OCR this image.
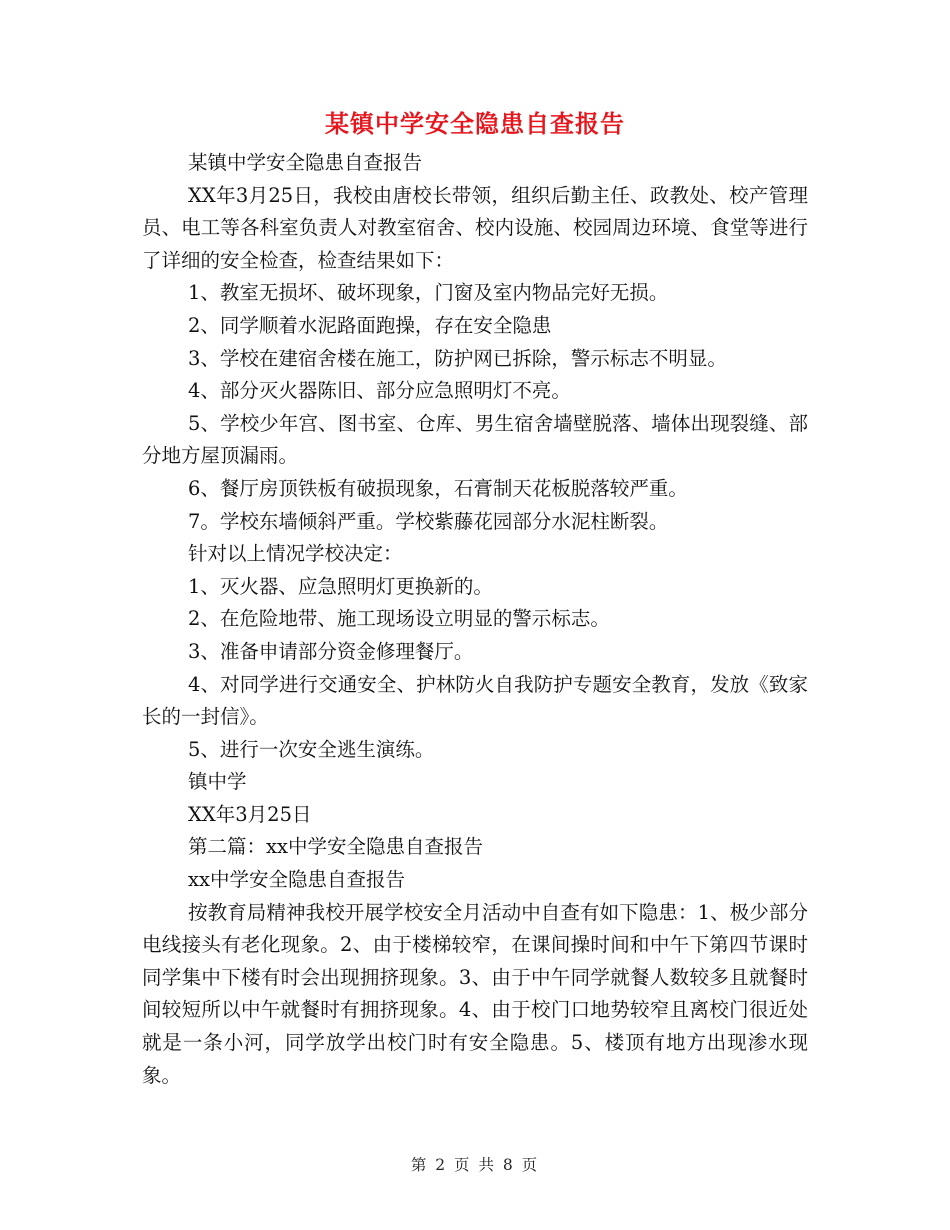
某镇中学安全隐患自查报告

某镇中学安全隐患自查报告

XX年3月25日，我校由唐校长带领，组织后勤主任、政教处、校产管理员、电工等各科室负责人对教室宿舍、校内设施、校园周边环境、食堂等进行了详细的安全检查，检查结果如下：

1、教室无损坏、破坏现象，门窗及室内物品完好无损。

2、同学顺着水泥路面跑操，存在安全隐患

3、学校在建宿舍楼在施工，防护网已拆除，警示标志不明显。

4、部分灭火器陈旧、部分应急照明灯不亮。

5、学校少年宫、图书室、仓库、男生宿舍墙壁脱落、墙体出现裂缝、部分地方屋顶漏雨。

6、餐厅房顶铁板有破损现象，石膏制天花板脱落较严重。

7。学校东墙倾斜严重。学校紫藤花园部分水泥柱断裂。

针对以上情况学校决定：

1、灭火器、应急照明灯更换新的。

2、在危险地带、施工现场设立明显的警示标志。

3、准备申请部分资金修理餐厅。

4、对同学进行交通安全、护林防火自我防护专题安全教育，发放《致家长的一封信》。

5、进行一次安全逃生演练。

镇中学

XX年3月25日

第二篇：xx中学安全隐患自查报告

xx中学安全隐患自查报告

按教育局精神我校开展学校安全月活动中自查有如下隐患：1、极少部分电线接头有老化现象。2、由于楼梯较窄，在课间操时间和中午下第四节课时同学集中下楼有时会出现拥挤现象。3、由于中午同学就餐人数较多且就餐时间较短所以中午就餐时有拥挤现象。4、由于校门口地势较窄且离校门很近处就是一条小河，同学放学出校门时有安全隐患。5、楼顶有地方出现渗水现象。

第 2 页 共 8 页
